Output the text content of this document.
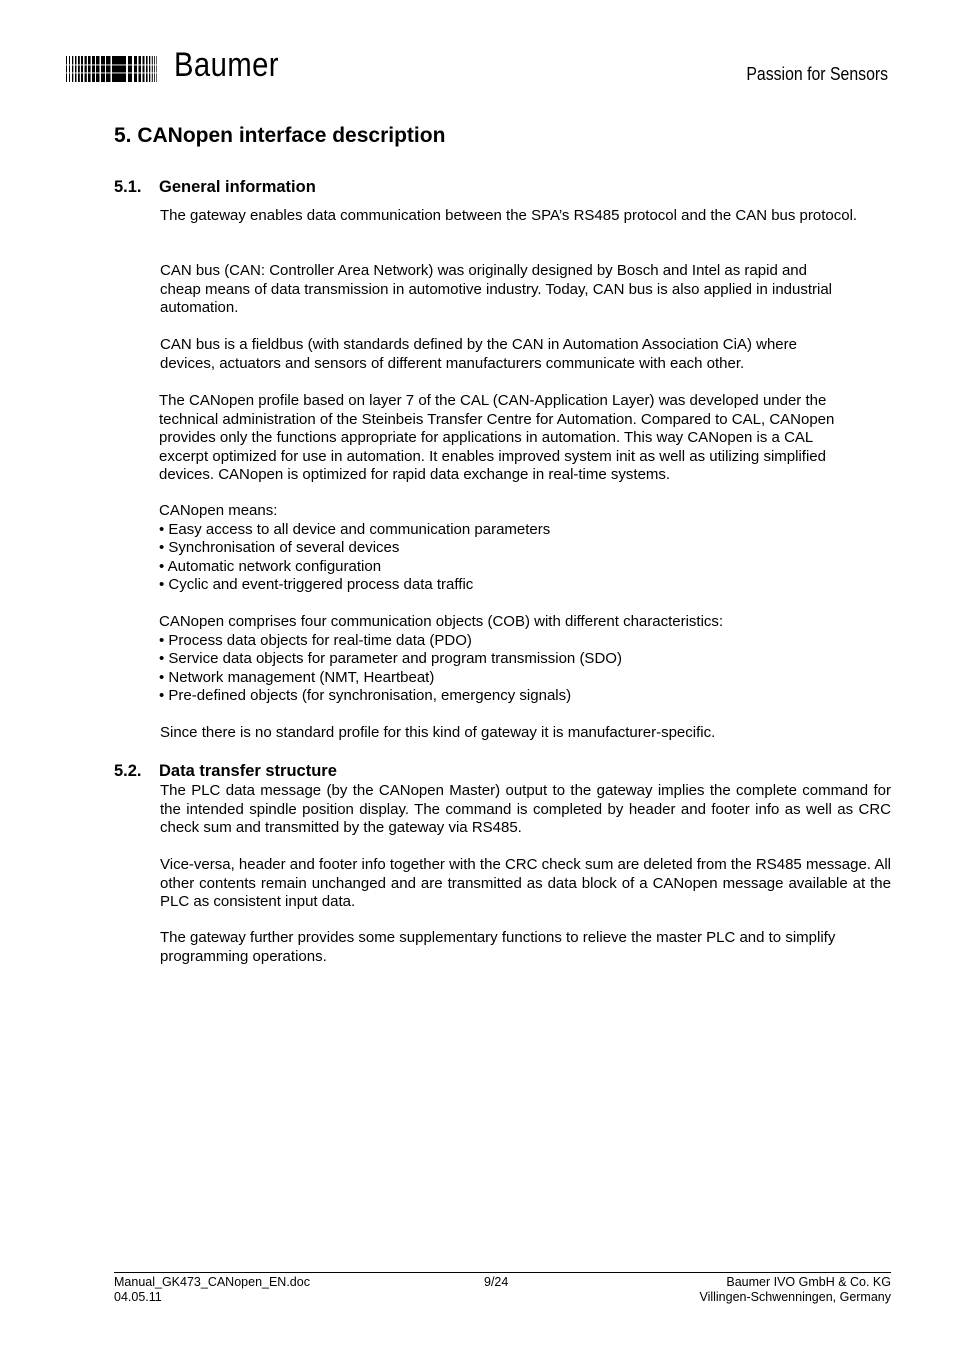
Baumer	Passion for Sensors
5. CANopen interface description
5.1. General information
The gateway enables data communication between the SPA’s RS485 protocol and the CAN bus protocol.
CAN bus (CAN: Controller Area Network) was originally designed by Bosch and Intel as rapid and
cheap means of data transmission in automotive industry. Today, CAN bus is also applied in industrial
automation.
CAN bus is a fieldbus (with standards defined by the CAN in Automation Association CiA) where
devices, actuators and sensors of different manufacturers communicate with each other.
The CANopen profile based on layer 7 of the CAL (CAN-Application Layer) was developed under the
technical administration of the Steinbeis Transfer Centre for Automation. Compared to CAL, CANopen
provides only the functions appropriate for applications in automation. This way CANopen is a CAL
excerpt optimized for use in automation. It enables improved system init as well as utilizing simplified
devices. CANopen is optimized for rapid data exchange in real-time systems.
CANopen means:
• Easy access to all device and communication parameters
• Synchronisation of several devices
• Automatic network configuration
• Cyclic and event-triggered process data traffic
CANopen comprises four communication objects (COB) with different characteristics:
• Process data objects for real-time data (PDO)
• Service data objects for parameter and program transmission (SDO)
• Network management (NMT, Heartbeat)
• Pre-defined objects (for synchronisation, emergency signals)
Since there is no standard profile for this kind of gateway it is manufacturer-specific.
5.2. Data transfer structure
The PLC data message (by the CANopen Master) output to the gateway implies the complete command for the intended spindle position display. The command is completed by header and footer info as well as CRC check sum and transmitted by the gateway via RS485.
Vice-versa, header and footer info together with the CRC check sum are deleted from the RS485 message. All other contents remain unchanged and are transmitted as data block of a CANopen message available at the PLC as consistent input data.
The gateway further provides some supplementary functions to relieve the master PLC and to simplify
programming operations.
Manual_GK473_CANopen_EN.doc
04.05.11
9/24	Baumer IVO GmbH & Co. KG
Villingen-Schwenningen, Germany
